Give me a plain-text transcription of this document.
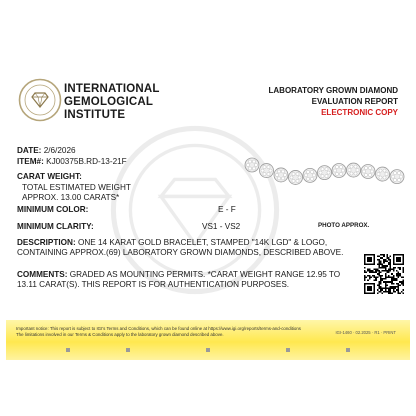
INTERNATIONAL
GEMOLOGICAL
INSTITUTE
LABORATORY GROWN DIAMOND
EVALUATION REPORT
ELECTRONIC COPY
DATE: 2/6/2026
ITEM#: KJ00375B.RD-13-21F
CARAT WEIGHT:
TOTAL ESTIMATED WEIGHT
APPROX. 13.00 CARATS*
MINIMUM COLOR:	E - F
MINIMUM CLARITY:	VS1 - VS2	PHOTO APPROX.
DESCRIPTION: ONE 14 KARAT GOLD BRACELET, STAMPED "14K LGD" & LOGO, CONTAINING APPROX.(69) LABORATORY GROWN DIAMONDS, DESCRIBED ABOVE.
COMMENTS: GRADED AS MOUNTING PERMITS. *CARAT WEIGHT RANGE 12.95 TO 13.11 CARAT(S). THIS REPORT IS FOR AUTHENTICATION PURPOSES.
Important notice: This report is subject to IGI's Terms and Conditions, which can be found online at https://www.igi.org/reports/terms-and-conditions
The limitations involved in our Terms & Conditions apply to the laboratory grown diamond described above.	IGI-1460 · 02.2025 · R1 · PRINT
